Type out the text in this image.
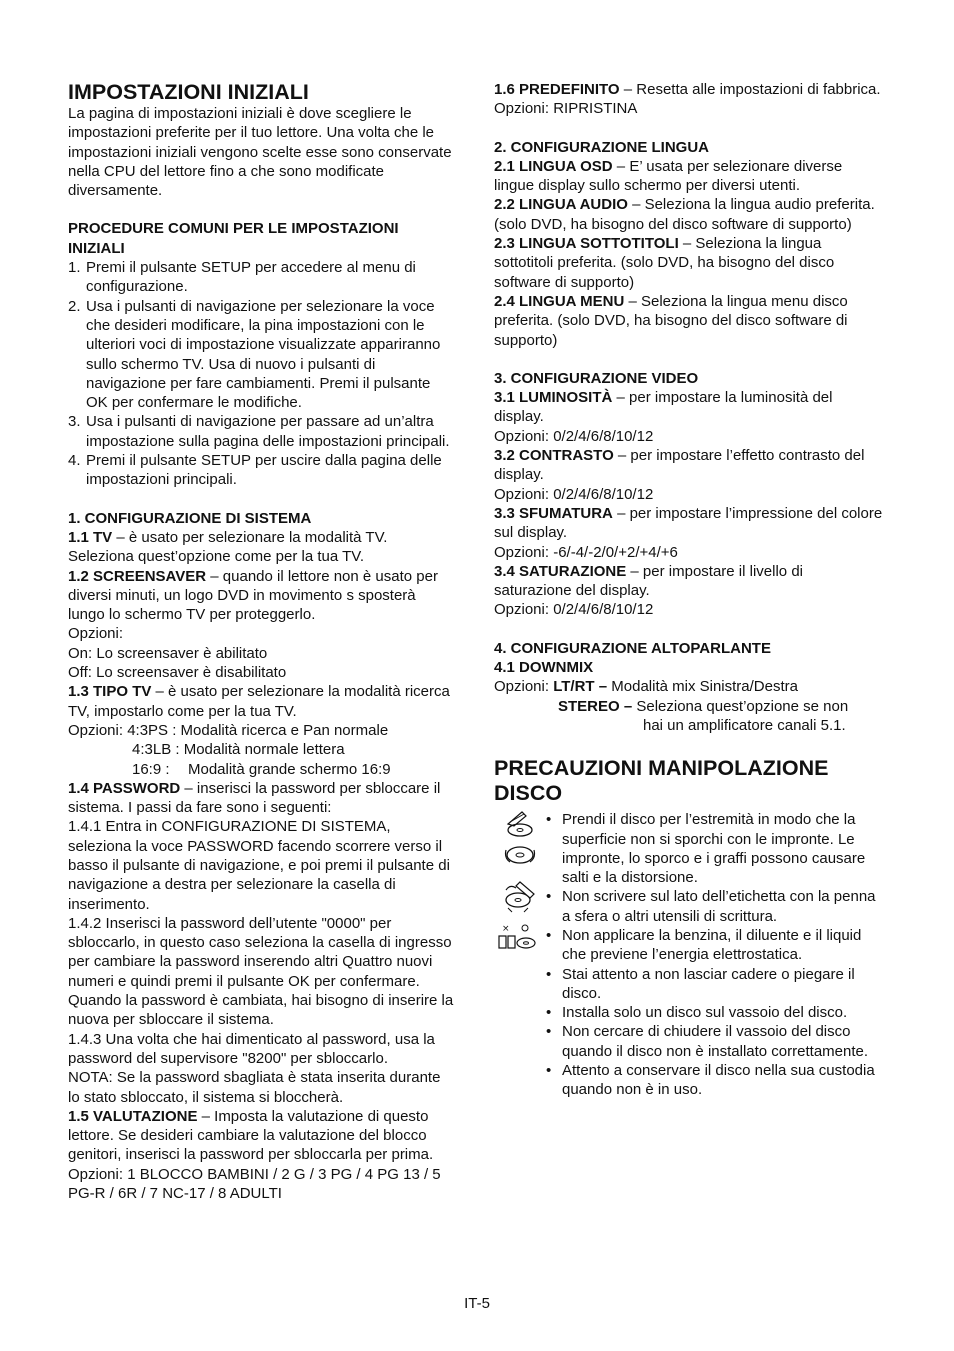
IMPOSTAZIONI INIZIALI

La pagina di impostazioni iniziali è dove scegliere le impostazioni preferite per il tuo lettore. Una volta che le impostazioni iniziali vengono scelte esse sono conservate nella CPU del lettore fino a che sono modificate diversamente.

PROCEDURE COMUNI PER LE IMPOSTAZIONI INIZIALI

1. Premi il pulsante SETUP per accedere al menu di configurazione.
2. Usa i pulsanti di navigazione per selezionare la voce che desideri modificare, la pina impostazioni con le ulteriori voci di impostazione visualizzate appariranno sullo schermo TV. Usa di nuovo i pulsanti di navigazione per fare cambiamenti. Premi il pulsante OK per confermare le modifiche.
3. Usa i pulsanti di navigazione per passare ad un’altra impostazione sulla pagina delle impostazioni principali.
4. Premi il pulsante SETUP per uscire dalla pagina delle impostazioni principali.

1. CONFIGURAZIONE DI SISTEMA

1.1 TV – è usato per selezionare la modalità TV. Seleziona quest’opzione come per la tua TV.

1.2 SCREENSAVER – quando il lettore non è usato per diversi minuti, un logo DVD in movimento s sposterà lungo lo schermo TV per proteggerlo.

Opzioni:

On: Lo screensaver è abilitato

Off: Lo screensaver è disabilitato

1.3 TIPO TV – è usato per selezionare la modalità ricerca TV, impostarlo come per la tua TV.

Opzioni: 4:3PS : Modalità ricerca e Pan normale

4:3LB : Modalità normale lettera

16:9 : Modalità grande schermo 16:9

1.4 PASSWORD – inserisci la password per sbloccare il sistema. I passi da fare sono i seguenti:

1.4.1 Entra in CONFIGURAZIONE DI SISTEMA, seleziona la voce PASSWORD facendo scorrere verso il basso il pulsante di navigazione, e poi premi il pulsante di navigazione a destra per selezionare la casella di inserimento.

1.4.2 Inserisci la password dell’utente "0000" per sbloccarlo, in questo caso seleziona la casella di ingresso per cambiare la password inserendo altri Quattro nuovi numeri e quindi premi il pulsante OK per confermare. Quando la password è cambiata, hai bisogno di inserire la nuova per sbloccare il sistema.

1.4.3 Una volta che hai dimenticato al password, usa la password del supervisore "8200" per sbloccarlo.

NOTA: Se la password sbagliata è stata inserita durante lo stato sbloccato, il sistema si bloccherà.

1.5 VALUTAZIONE – Imposta la valutazione di questo lettore. Se desideri cambiare la valutazione del blocco genitori, inserisci la password per sbloccarla per prima.

Opzioni: 1 BLOCCO BAMBINI / 2 G / 3 PG / 4 PG 13 / 5 PG-R / 6R / 7 NC-17 / 8 ADULTI

1.6 PREDEFINITO – Resetta alle impostazioni di fabbrica.

Opzioni: RIPRISTINA

2. CONFIGURAZIONE LINGUA

2.1 LINGUA OSD – E’ usata per selezionare diverse lingue display sullo schermo per diversi utenti.

2.2 LINGUA AUDIO – Seleziona la lingua audio preferita. (solo DVD, ha bisogno del disco software di supporto)

2.3 LINGUA SOTTOTITOLI – Seleziona la lingua sottotitoli preferita. (solo DVD, ha bisogno del disco software di supporto)

2.4 LINGUA MENU – Seleziona la lingua menu disco preferita. (solo DVD, ha bisogno del disco software di supporto)

3. CONFIGURAZIONE VIDEO

3.1 LUMINOSITÀ – per impostare la luminosità del display.

Opzioni: 0/2/4/6/8/10/12

3.2 CONTRASTO – per impostare l’effetto contrasto del display.

Opzioni: 0/2/4/6/8/10/12

3.3 SFUMATURA – per impostare l’impressione del colore sul display.

Opzioni: -6/-4/-2/0/+2/+4/+6

3.4 SATURAZIONE – per impostare il livello di saturazione del display.

Opzioni: 0/2/4/6/8/10/12

4. CONFIGURAZIONE ALTOPARLANTE

4.1 DOWNMIX

Opzioni: LT/RT – Modalità mix Sinistra/Destra

STEREO – Seleziona quest’opzione se non

hai un amplificatore canali 5.1.

PRECAUZIONI MANIPOLAZIONE DISCO
×
• Prendi il disco per l’estremità in modo che la superficie non si sporchi con le impronte. Le impronte, lo sporco e i graffi possono causare salti e la distorsione.
• Non scrivere sul lato dell’etichetta con la penna a sfera o altri utensili di scrittura.
• Non applicare la benzina, il diluente e il liquid che previene l’energia elettrostatica.
• Stai attento a non lasciar cadere o piegare il disco.
• Installa solo un disco sul vassoio del disco.
• Non cercare di chiudere il vassoio del disco quando il disco non è installato correttamente.
• Attento a conservare il disco nella sua custodia quando non è in uso.
IT-5
